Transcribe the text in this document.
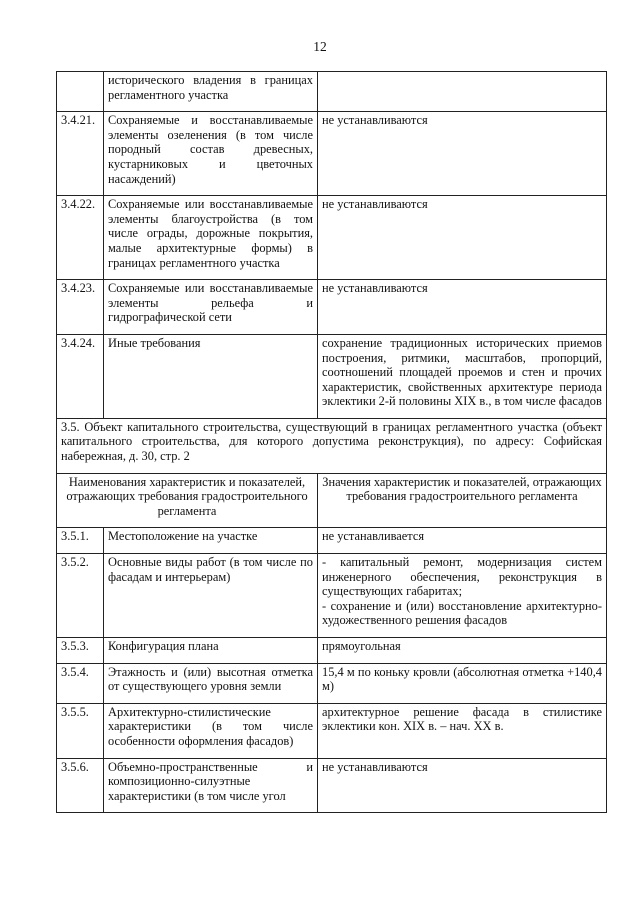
12
	исторического владения в границах регламентного участка	
3.4.21.	Сохраняемые и восстанавливаемые элементы озеленения (в том числе породный состав древесных, кустарниковых и цветочных насаждений)	не устанавливаются
3.4.22.	Сохраняемые или восстанавливаемые элементы благоустройства (в том числе ограды, дорожные покрытия, малые архитектурные формы) в границах регламентного участка	не устанавливаются
3.4.23.	Сохраняемые или восстанавливаемые элементы рельефа и гидрографической сети	не устанавливаются
3.4.24.	Иные требования	сохранение традиционных исторических приемов построения, ритмики, масштабов, пропорций, соотношений площадей проемов и стен и прочих характеристик, свойственных архитектуре периода эклектики 2-й половины XIX в., в том числе фасадов
3.5. Объект капитального строительства, существующий в границах регламентного участка (объект капитального строительства, для которого допустима реконструкция), по адресу: Софийская набережная, д. 30, стр. 2		
Наименования характеристик и показателей, отражающих требования градостроительного регламента		Значения характеристик и показателей, отражающих требования градостроительного регламента
3.5.1.	Местоположение на участке	не устанавливается

3.5.2.	Основные виды работ (в том числе по фасадам и интерьерам)	- капитальный ремонт, модернизация систем инженерного обеспечения, реконструкция в существующих габаритах;
- сохранение и (или) восстановление архитектурно-художественного решения фасадов

3.5.3.	Конфигурация плана	прямоугольная

3.5.4.	Этажность и (или) высотная отметка от существующего уровня земли	15,4 м по коньку кровли (абсолютная отметка +140,4 м)

3.5.5.	Архитектурно-стилистические характеристики (в том числе особенности оформления фасадов)	архитектурное решение фасада в стилистике эклектики кон. XIX в. – нач. XX в.

3.5.6.	Объемно-пространственные и композиционно-силуэтные характеристики (в том числе угол	не устанавливаются
